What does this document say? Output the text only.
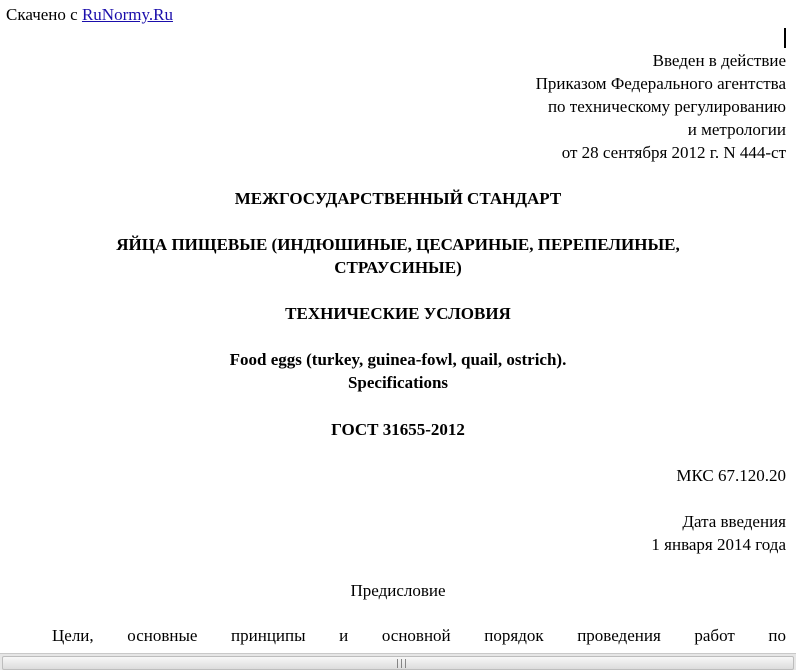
Скачено с RuNormy.Ru
Введен в действие
Приказом Федерального агентства
по техническому регулированию
и метрологии
от 28 сентября 2012 г. N 444-ст
МЕЖГОСУДАРСТВЕННЫЙ СТАНДАРТ
ЯЙЦА ПИЩЕВЫЕ (ИНДЮШИНЫЕ, ЦЕСАРИНЫЕ, ПЕРЕПЕЛИНЫЕ,
СТРАУСИНЫЕ)
ТЕХНИЧЕСКИЕ УСЛОВИЯ
Food eggs (turkey, guinea-fowl, quail, ostrich).
Specifications
ГОСТ 31655-2012
МКС 67.120.20
Дата введения
1 января 2014 года
Предисловие
Цели, основные принципы и основной порядок проведения работ по
|||
